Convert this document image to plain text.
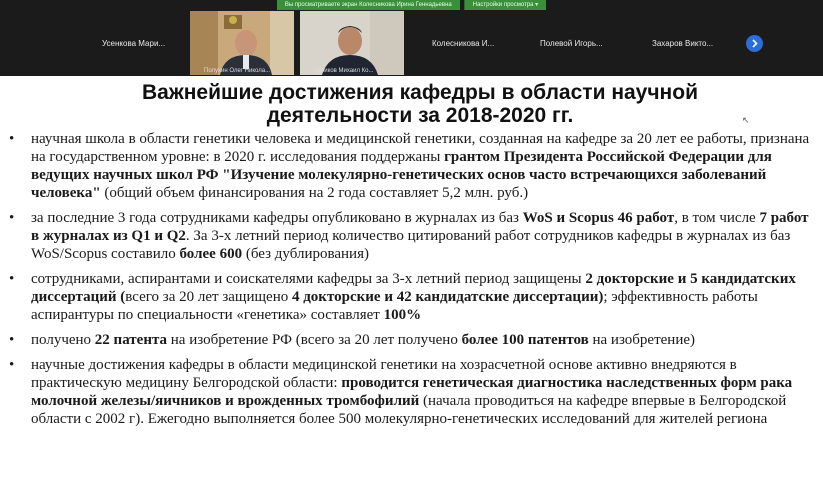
Вы просматриваете экран Колесникова Ирина Геннадьевна	Настройки просмотра ▾
Усенкова Мари...
Полухин Олег Никола...	Чуриков Михаил Ко...
Колесникова И...	Полевой Игорь...	Захаров Викто...
Важнейшие достижения кафедры в области научной
деятельности за 2018-2020 гг.	↖
• научная школа в области генетики человека и медицинской генетики, созданная на кафедре за 20 лет ее работы, признана на государственном уровне: в 2020 г. исследования поддержаны грантом Президента Российской Федерации для ведущих научных школ РФ "Изучение молекулярно-генетических основ часто встречающихся заболеваний человека" (общий объем финансирования на 2 года составляет 5,2 млн. руб.)
• за последние 3 года сотрудниками кафедры опубликовано в журналах из баз WoS и Scopus 46 работ, в том числе 7 работ в журналах из Q1 и Q2. За 3-х летний период количество цитирований работ сотрудников кафедры в журналах из баз WoS/Scopus составило более 600 (без дублирования)
• сотрудниками, аспирантами и соискателями кафедры за 3-х летний период защищены 2 докторские и 5 кандидатских диссертаций (всего за 20 лет защищено 4 докторские и 42 кандидатские диссертации); эффективность работы аспирантуры по специальности «генетика» составляет 100%
• получено 22 патента на изобретение РФ (всего за 20 лет получено более 100 патентов на изобретение)
• научные достижения кафедры в области медицинской генетики на хозрасчетной основе активно внедряются в практическую медицину Белгородской области: проводится генетическая диагностика наследственных форм рака молочной железы/яичников и врожденных тромбофилий (начала проводиться на кафедре впервые в Белгородской области с 2002 г). Ежегодно выполняется более 500 молекулярно-генетических исследований для жителей региона
